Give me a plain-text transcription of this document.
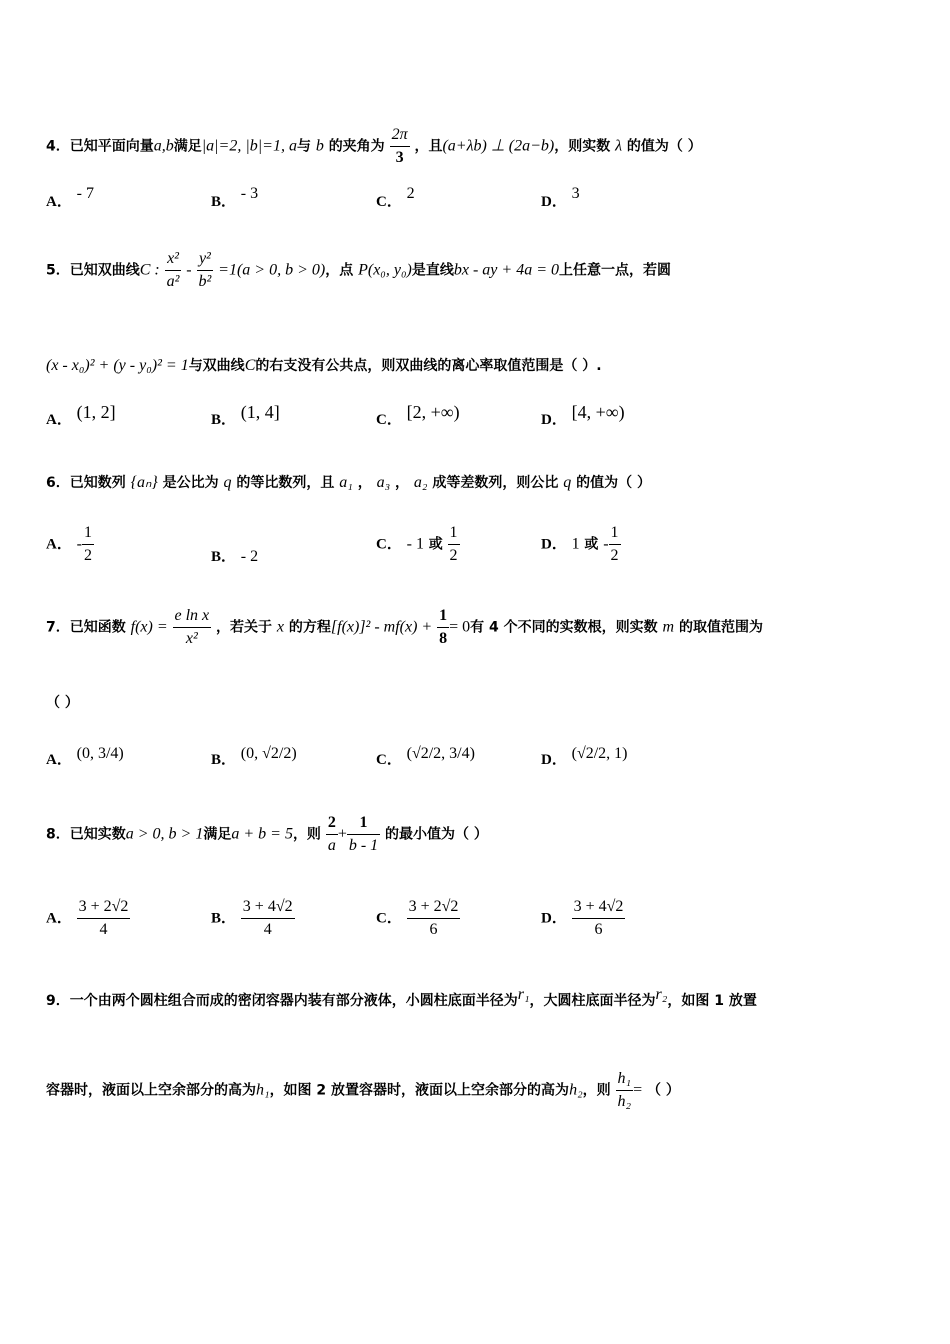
4．已知平面向量a,b满足|a|=2, |b|=1, a与 b 的夹角为 $\frac{2\pi}{3}$ ，且(a+λb) ⊥ (2a−b)，则实数 λ 的值为（ ）
A． - 7	B． - 3	C． 2	D． 3
5．已知双曲线C : $\frac{\text{x²}}{\text{a²}} - \frac{\text{y²}}{\text{b²}} =1(a > 0$, b > 0)，点 P(x₀, y₀)是直线bx - ay + 4a = 0上任意一点，若圆
(x - x₀)² + (y - y₀)² = 1与双曲线C的右支没有公共点，则双曲线的离心率取值范围是（ ）.
A． (1, 2]	B． (1, 4]	C． [2, +∞)	D． [4, +∞)
6．已知数列 {aₙ} 是公比为 q 的等比数列，且 a₁ ， a₃ ， a₂ 成等差数列，则公比 q 的值为（ ）
A． - $\frac{1}{2}$	B． - 2
C． - 1 或 $\frac{1}{2}$	D． 1 或 - $\frac{1}{2}$
7．已知函数 $f(x) = \frac{\text{e ln x}}{\text{x²}}$ ，若关于 x 的方程$[f(x)]^2 - mf(x) + \frac{1}{8} = 0$有 4 个不同的实数根，则实数 m 的取值范围为
（ ）
A． (0, 3/4)	B． (0, √2/2)	C． (√2/2, 3/4)	D． (√2/2, 1)
8．已知实数a > 0, b > 1满足a + b = 5，则 $\frac{2}{a} + \frac{1}{b - 1}$ 的最小值为（ ）
A． $\frac{3 + 2√2}{4}$	B． $\frac{3 + 4√2}{4}$	C． $\frac{3 + 2√2}{6}$	D． $\frac{3 + 4√2}{6}$
9．一个由两个圆柱组合而成的密闭容器内装有部分液体，小圆柱底面半径为r₁，大圆柱底面半径为r₂，如图 1 放置
容器时，液面以上空余部分的高为h₁，如图 2 放置容器时，液面以上空余部分的高为h₂，则 $\frac{\text{h₁}}{\text{h₂}}$ = （ ）
